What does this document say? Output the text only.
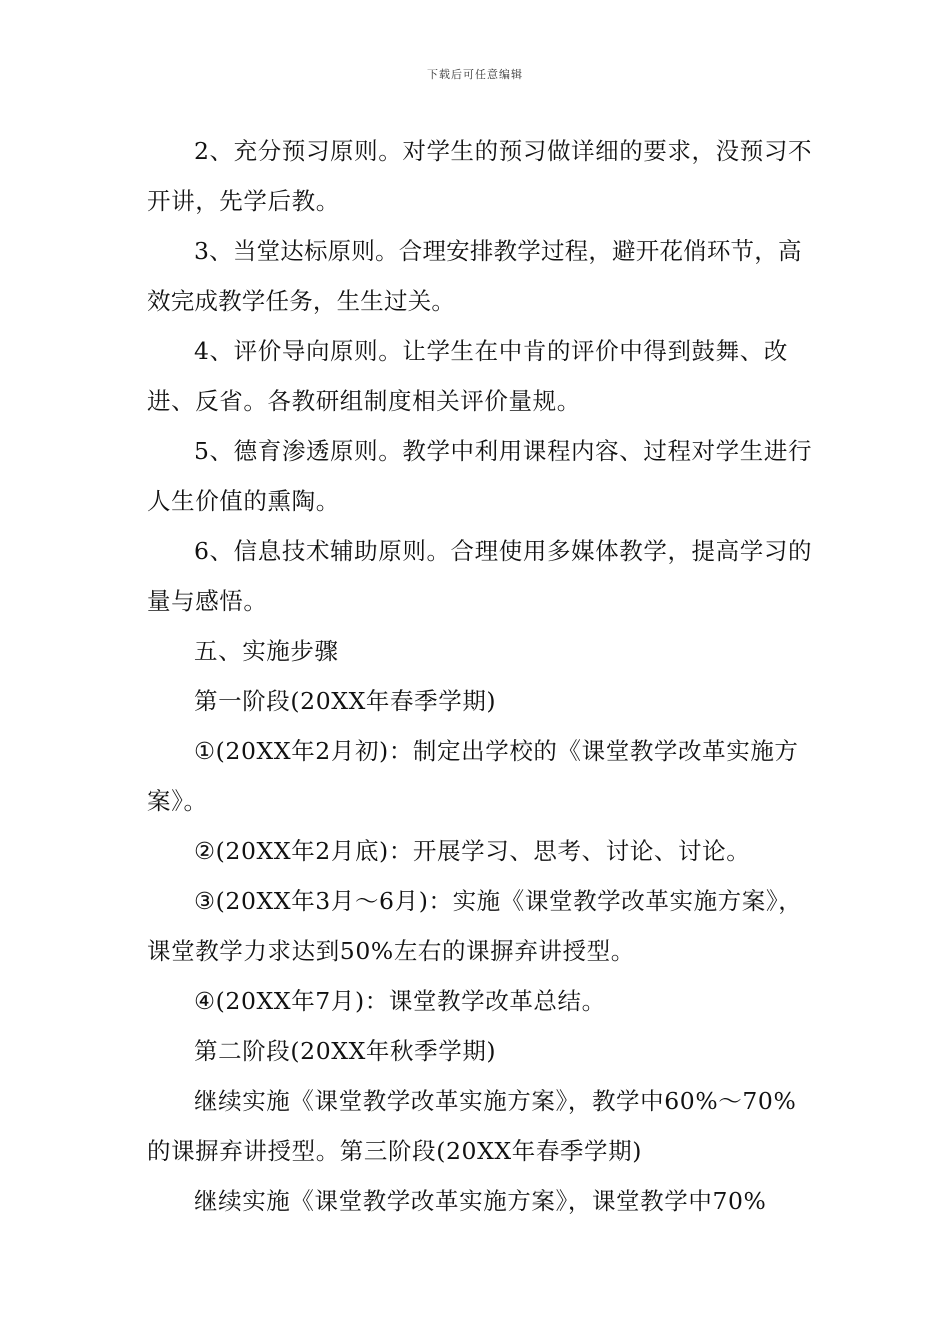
下载后可任意编辑

2、充分预习原则。对学生的预习做详细的要求，没预习不开讲，先学后教。

3、当堂达标原则。合理安排教学过程，避开花俏环节，高效完成教学任务，生生过关。

4、评价导向原则。让学生在中肯的评价中得到鼓舞、改进、反省。各教研组制度相关评价量规。

5、德育渗透原则。教学中利用课程内容、过程对学生进行人生价值的熏陶。

6、信息技术辅助原则。合理使用多媒体教学，提高学习的量与感悟。

五、实施步骤

第一阶段(20XX年春季学期)

①(20XX年2月初)：制定出学校的《课堂教学改革实施方案》。

②(20XX年2月底)：开展学习、思考、讨论、讨论。

③(20XX年3月～6月)：实施《课堂教学改革实施方案》，课堂教学力求达到50%左右的课摒弃讲授型。

④(20XX年7月)：课堂教学改革总结。

第二阶段(20XX年秋季学期)

继续实施《课堂教学改革实施方案》，教学中60%～70%的课摒弃讲授型。第三阶段(20XX年春季学期)

继续实施《课堂教学改革实施方案》，课堂教学中70%
